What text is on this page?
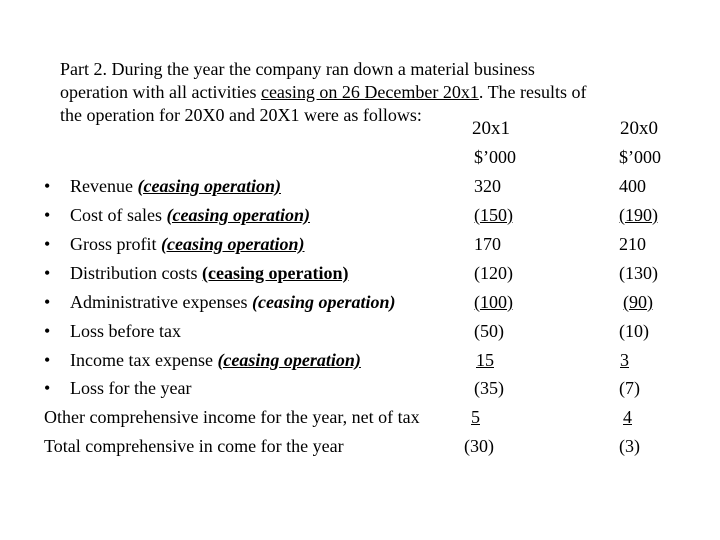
Part 2. During the year the company ran down a material business
operation with all activities ceasing on 26 December 20x1. The results of
the operation for 20X0 and 20X1 were as follows:
20x1	20x0
$’000	$’000
• Revenue (ceasing operation)	320	400
• Cost of sales (ceasing operation)	(150)	(190)
• Gross profit (ceasing operation)	170	210
• Distribution costs (ceasing operation)	(120)	(130)
• Administrative expenses (ceasing operation)	(100)	(90)
• Loss before tax	(50)	(10)
• Income tax expense (ceasing operation)	15	3
• Loss for the year	(35)	(7)
Other comprehensive income for the year, net of tax	5	4
Total comprehensive in come for the year	(30)	(3)
